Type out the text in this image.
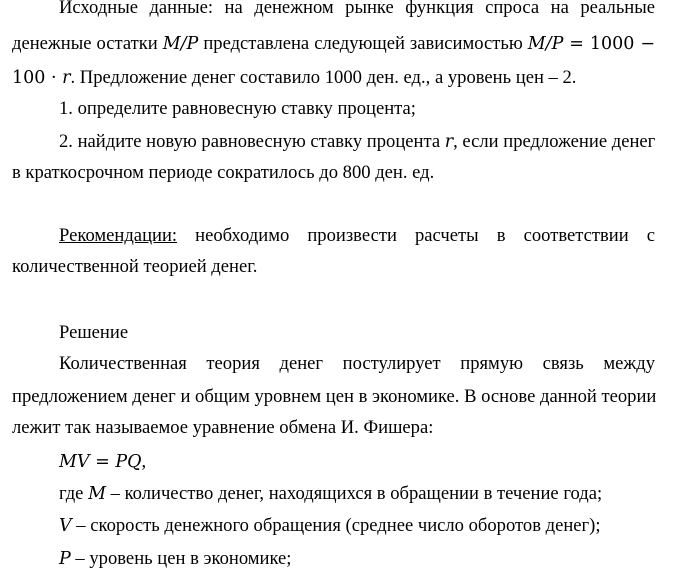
Исходные данные: на денежном рынке функция спроса на реальные
денежные остатки M/P представлена следующей зависимостью M/P = 1000 −
100 · r. Предложение денег составило 1000 ден. ед., а уровень цен – 2.
1. определите равновесную ставку процента;
2. найдите новую равновесную ставку процента r, если предложение денег
в краткосрочном периоде сократилось до 800 ден. ед.
Рекомендации: необходимо произвести расчеты в соответствии с
количественной теорией денег.
Решение
Количественная теория денег постулирует прямую связь между
предложением денег и общим уровнем цен в экономике. В основе данной теории
лежит так называемое уравнение обмена И. Фишера:
MV = PQ,
где M – количество денег, находящихся в обращении в течение года;
V – скорость денежного обращения (среднее число оборотов денег);
P – уровень цен в экономике;
